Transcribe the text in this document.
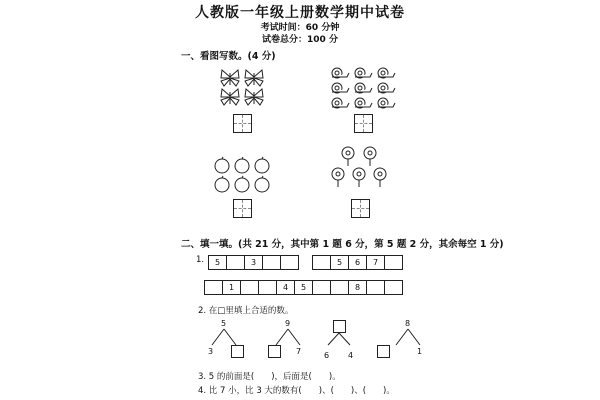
人教版一年级上册数学期中试卷
考试时间：60 分钟
试卷总分：100 分
一、看图写数。(4 分)
二、填一填。(共 21 分，其中第 1 题 6 分，第 5 题 2 分，其余每空 1 分)
1.	5	3	5	6	7
1	4	5	8
2. 在□里填上合适的数。
5
3
9
7	6 4
8
1
3. 5 的前面是(　　)，后面是(　　)。
4. 比 7 小，比 3 大的数有(　　)、(　　)、(　　)。
